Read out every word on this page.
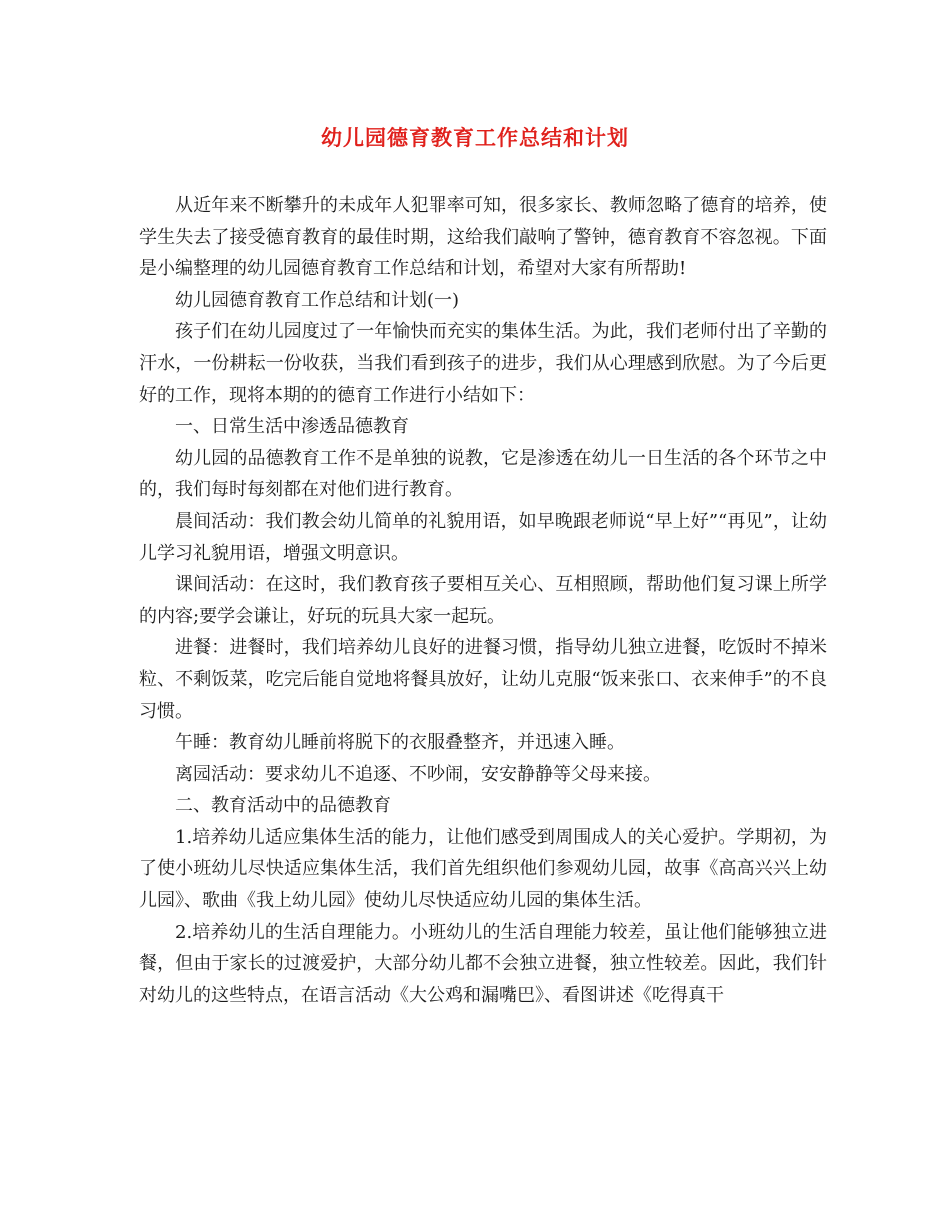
幼儿园德育教育工作总结和计划

从近年来不断攀升的未成年人犯罪率可知，很多家长、教师忽略了德育的培养，使学生失去了接受德育教育的最佳时期，这给我们敲响了警钟，德育教育不容忽视。下面是小编整理的幼儿园德育教育工作总结和计划，希望对大家有所帮助!

幼儿园德育教育工作总结和计划(一)

孩子们在幼儿园度过了一年愉快而充实的集体生活。为此，我们老师付出了辛勤的汗水，一份耕耘一份收获，当我们看到孩子的进步，我们从心理感到欣慰。为了今后更好的工作，现将本期的的德育工作进行小结如下：

一、日常生活中渗透品德教育

幼儿园的品德教育工作不是单独的说教，它是渗透在幼儿一日生活的各个环节之中的，我们每时每刻都在对他们进行教育。

晨间活动：我们教会幼儿简单的礼貌用语，如早晚跟老师说“早上好”“再见”，让幼儿学习礼貌用语，增强文明意识。

课间活动：在这时，我们教育孩子要相互关心、互相照顾，帮助他们复习课上所学的内容;要学会谦让，好玩的玩具大家一起玩。

进餐：进餐时，我们培养幼儿良好的进餐习惯，指导幼儿独立进餐，吃饭时不掉米粒、不剩饭菜，吃完后能自觉地将餐具放好，让幼儿克服“饭来张口、衣来伸手”的不良习惯。

午睡：教育幼儿睡前将脱下的衣服叠整齐，并迅速入睡。

离园活动：要求幼儿不追逐、不吵闹，安安静静等父母来接。

二、教育活动中的品德教育

1.培养幼儿适应集体生活的能力，让他们感受到周围成人的关心爱护。学期初，为了使小班幼儿尽快适应集体生活，我们首先组织他们参观幼儿园，故事《高高兴兴上幼儿园》、歌曲《我上幼儿园》使幼儿尽快适应幼儿园的集体生活。

2.培养幼儿的生活自理能力。小班幼儿的生活自理能力较差，虽让他们能够独立进餐，但由于家长的过渡爱护，大部分幼儿都不会独立进餐，独立性较差。因此，我们针对幼儿的这些特点，在语言活动《大公鸡和漏嘴巴》、看图讲述《吃得真干
